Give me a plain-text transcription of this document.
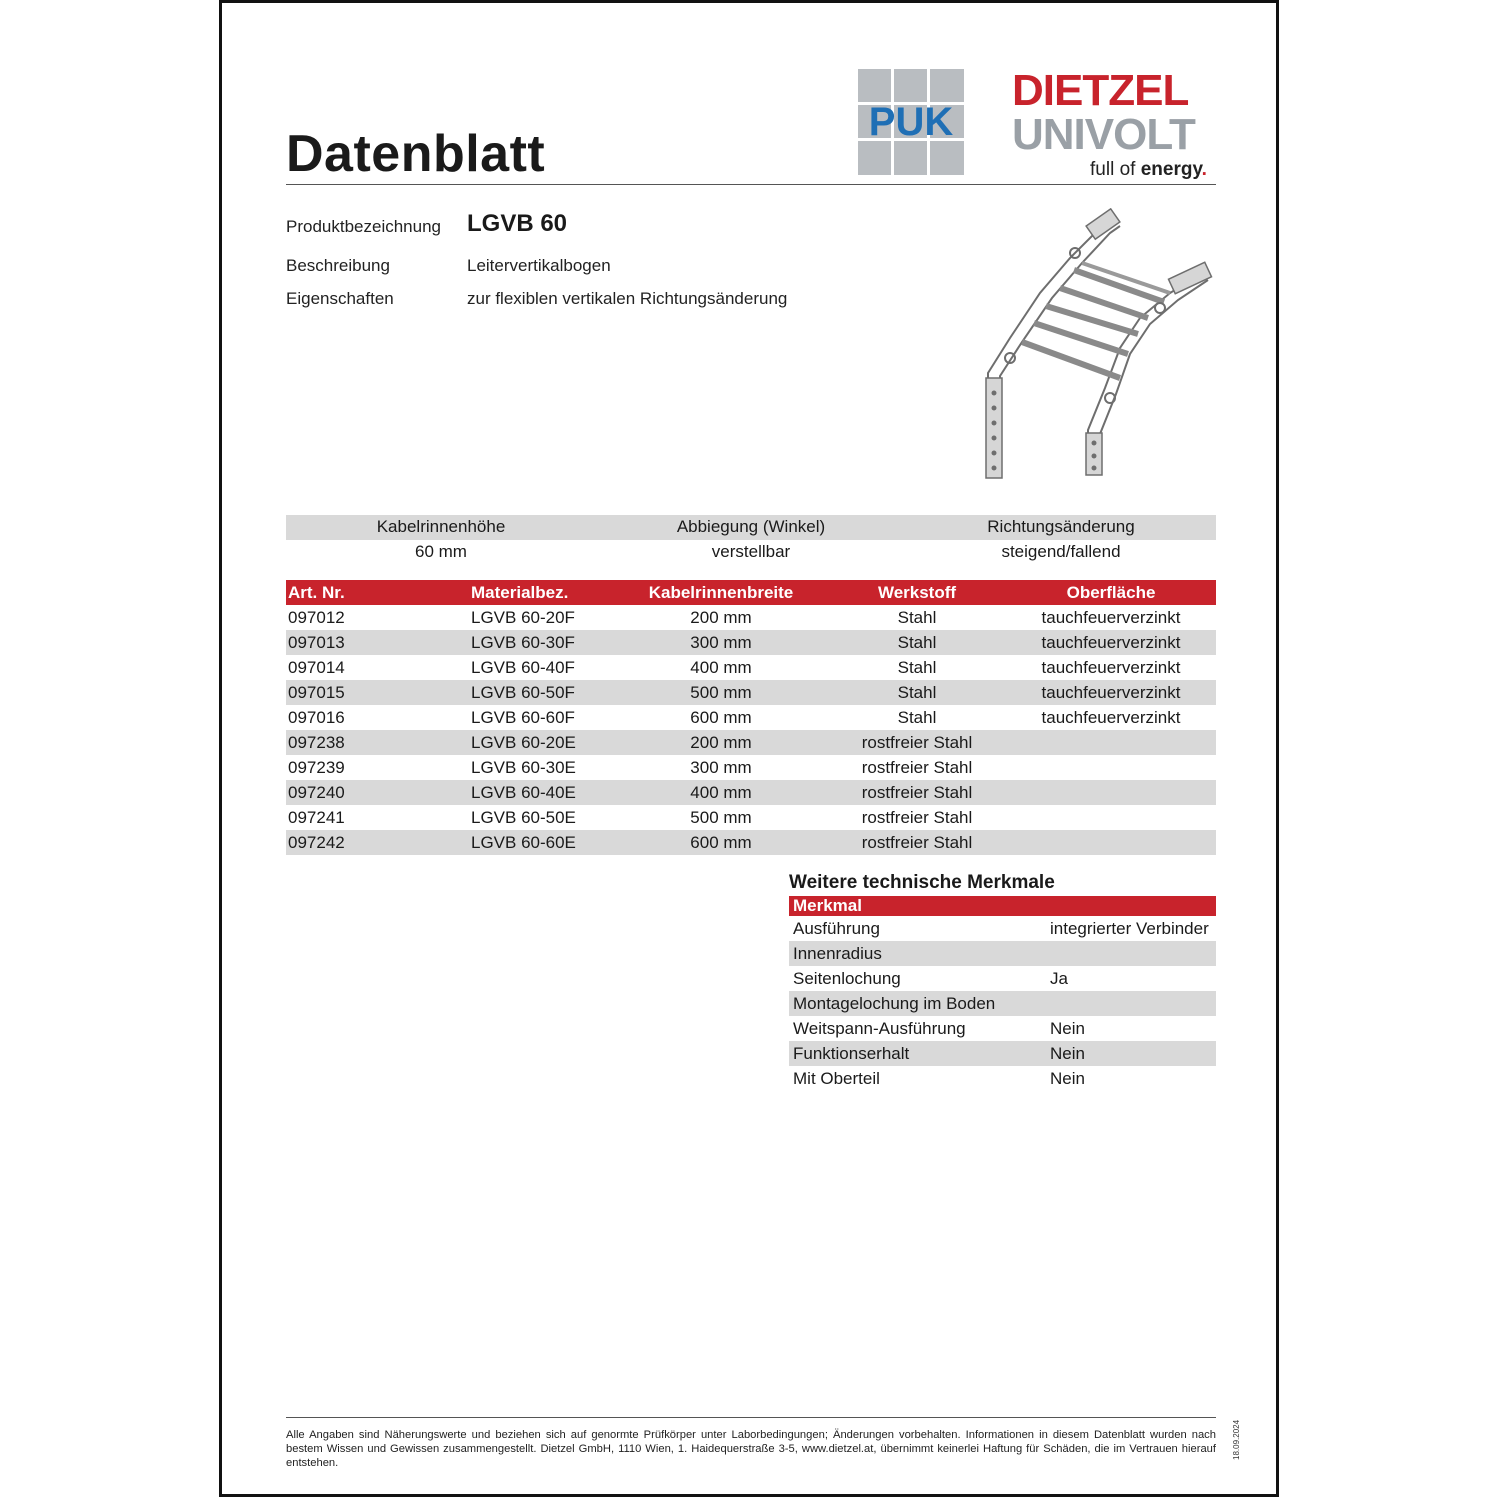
Datenblatt
PUK
DIETZEL
UNIVOLT
full of energy.
Produktbezeichnung LGVB 60
Beschreibung	Leitervertikalbogen
Eigenschaften	zur flexiblen vertikalen Richtungsänderung
Kabelrinnenhöhe	Abbiegung (Winkel)	Richtungsänderung
60 mm	verstellbar	steigend/fallend
Art. Nr.	Materialbez.	Kabelrinnenbreite	Werkstoff	Oberfläche
097012	LGVB 60-20F	200 mm	Stahl	tauchfeuerverzinkt
097013	LGVB 60-30F	300 mm	Stahl	tauchfeuerverzinkt
097014	LGVB 60-40F	400 mm	Stahl	tauchfeuerverzinkt
097015	LGVB 60-50F	500 mm	Stahl	tauchfeuerverzinkt
097016	LGVB 60-60F	600 mm	Stahl	tauchfeuerverzinkt
097238	LGVB 60-20E	200 mm	rostfreier Stahl
097239	LGVB 60-30E	300 mm	rostfreier Stahl
097240	LGVB 60-40E	400 mm	rostfreier Stahl
097241	LGVB 60-50E	500 mm	rostfreier Stahl
097242	LGVB 60-60E	600 mm	rostfreier Stahl
Weitere technische Merkmale
Merkmal
Ausführung	integrierter Verbinder
Innenradius
Seitenlochung	Ja
Montagelochung im Boden
Weitspann-Ausführung	Nein
Funktionserhalt	Nein
Mit Oberteil	Nein
Alle Angaben sind Näherungswerte und beziehen sich auf genormte Prüfkörper unter Laborbedingungen; Änderungen vorbehalten. Informationen in diesem Datenblatt wurden nach bestem Wissen und Gewissen zusammengestellt. Dietzel GmbH, 1110 Wien, 1. Haidequerstraße 3-5, www.dietzel.at, übernimmt keinerlei Haftung für Schäden, die im Vertrauen hierauf entstehen.
18.09.2024
